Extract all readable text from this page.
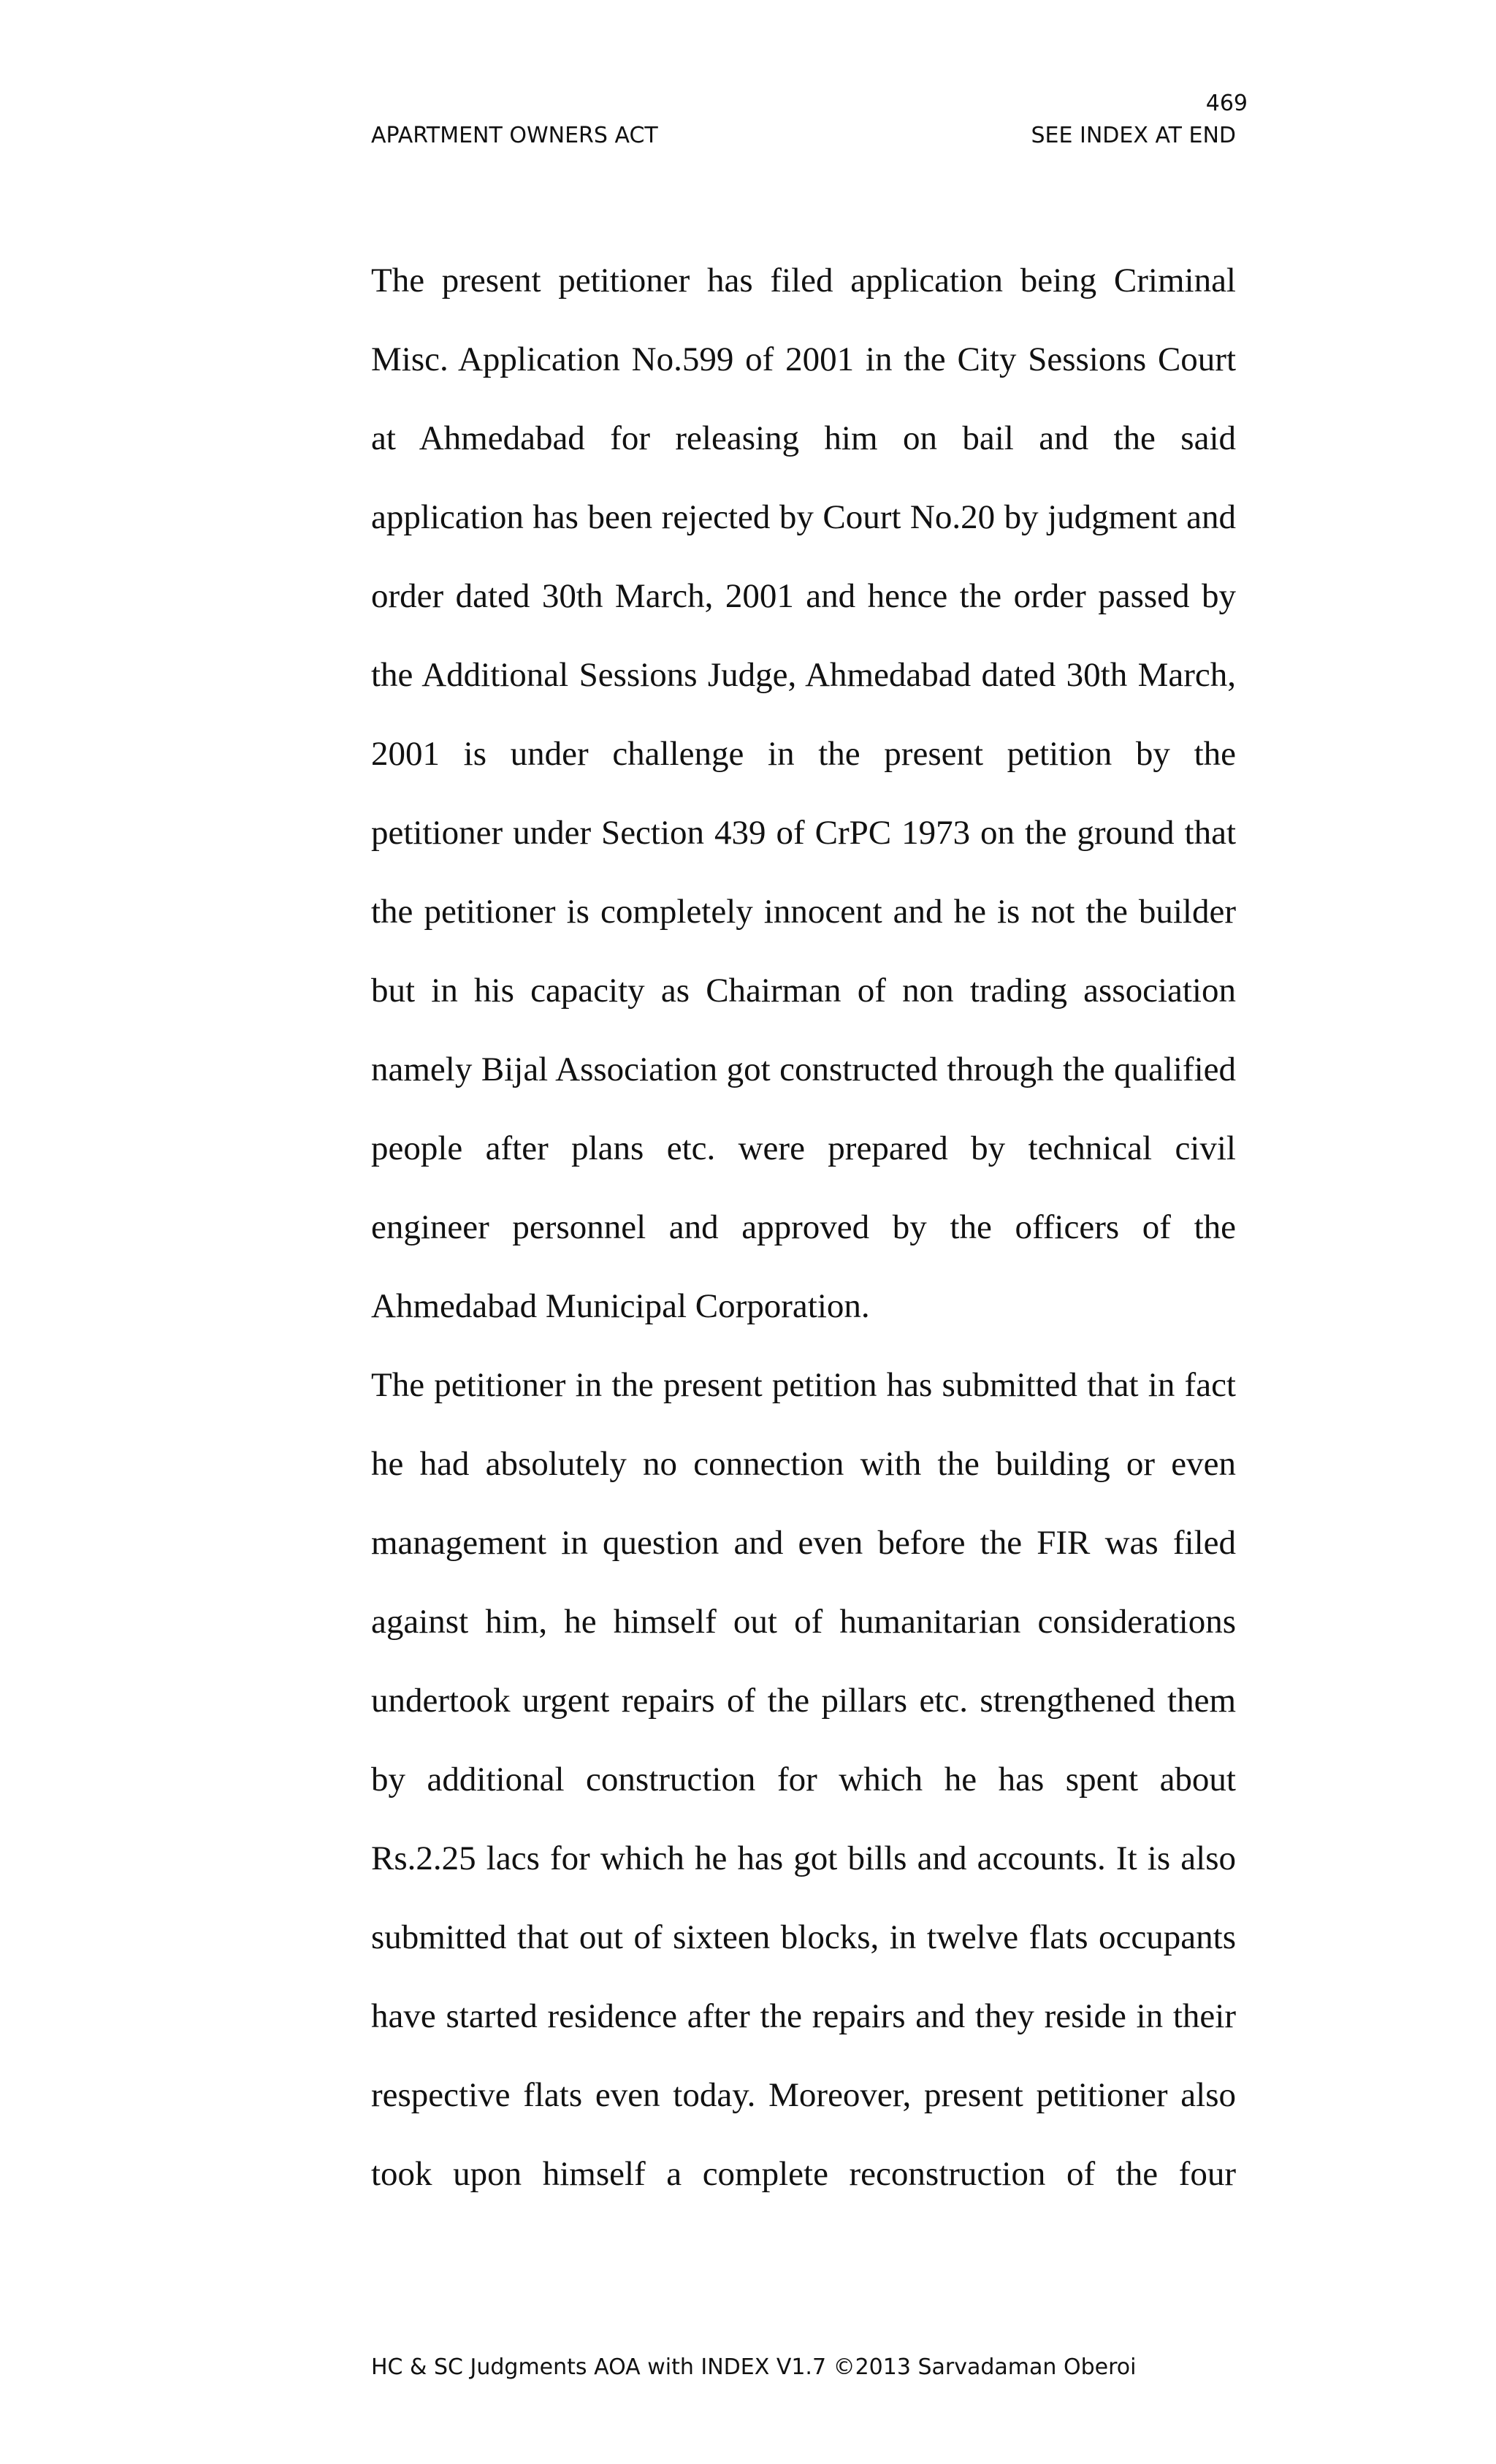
469
APARTMENT OWNERS ACT	SEE INDEX AT END
The present petitioner has filed application being Criminal
Misc. Application No.599 of 2001 in the City Sessions Court
at Ahmedabad for releasing him on bail and the said
application has been rejected by Court No.20 by judgment and
order dated 30th March, 2001 and hence the order passed by
the Additional Sessions Judge, Ahmedabad dated 30th March,
2001 is under challenge in the present petition by the
petitioner under Section 439 of CrPC 1973 on the ground that
the petitioner is completely innocent and he is not the builder
but in his capacity as Chairman of non trading association
namely Bijal Association got constructed through the qualified
people after plans etc. were prepared by technical civil
engineer personnel and approved by the officers of the
Ahmedabad Municipal Corporation.
The petitioner in the present petition has submitted that in fact
he had absolutely no connection with the building or even
management in question and even before the FIR was filed
against him, he himself out of humanitarian considerations
undertook urgent repairs of the pillars etc. strengthened them
by additional construction for which he has spent about
Rs.2.25 lacs for which he has got bills and accounts. It is also
submitted that out of sixteen blocks, in twelve flats occupants
have started residence after the repairs and they reside in their
respective flats even today. Moreover, present petitioner also
took upon himself a complete reconstruction of the four
HC & SC Judgments AOA with INDEX V1.7 ©2013 Sarvadaman Oberoi
